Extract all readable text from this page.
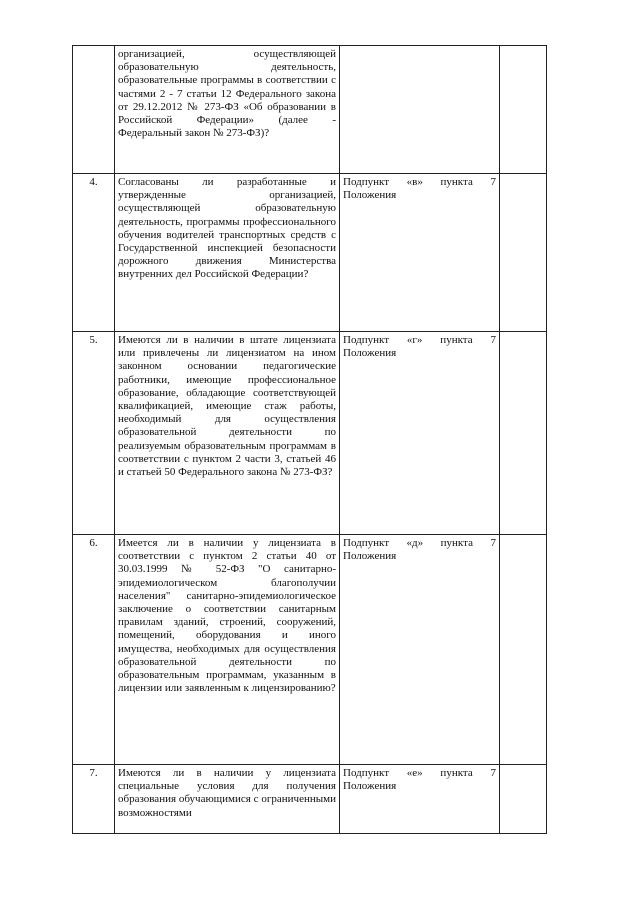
	организацией, осуществляющей образовательную деятельность, образовательные программы в соответствии с частями 2 - 7 статьи 12 Федерального закона от 29.12.2012 № 273-ФЗ «Об образовании в Российской Федерации» (далее - Федеральный закон № 273-ФЗ)?		
4.	Согласованы ли разработанные и утвержденные организацией, осуществляющей образовательную деятельность, программы профессионального обучения водителей транспортных средств с Государственной инспекцией безопасности дорожного движения Министерства внутренних дел Российской Федерации?	Подпункт «в» пункта 7 Положения	
5.	Имеются ли в наличии в штате лицензиата или привлечены ли лицензиатом на ином законном основании педагогические работники, имеющие профессиональное образование, обладающие соответствующей квалификацией, имеющие стаж работы, необходимый для осуществления образовательной деятельности по реализуемым образовательным программам в соответствии с пунктом 2 части 3, статьей 46 и статьей 50 Федерального закона № 273-ФЗ?	Подпункт «г» пункта 7 Положения	
6.	Имеется ли в наличии у лицензиата в соответствии с пунктом 2 статьи 40 от 30.03.1999 № 52-ФЗ "О санитарно-эпидемиологическом благополучии населения" санитарно-эпидемиологическое заключение о соответствии санитарным правилам зданий, строений, сооружений, помещений, оборудования и иного имущества, необходимых для осуществления образовательной деятельности по образовательным программам, указанным в лицензии или заявленным к лицензированию?	Подпункт «д» пункта 7 Положения	
7.	Имеются ли в наличии у лицензиата специальные условия для получения образования обучающимися с ограниченными возможностями	Подпункт «е» пункта 7 Положения	
